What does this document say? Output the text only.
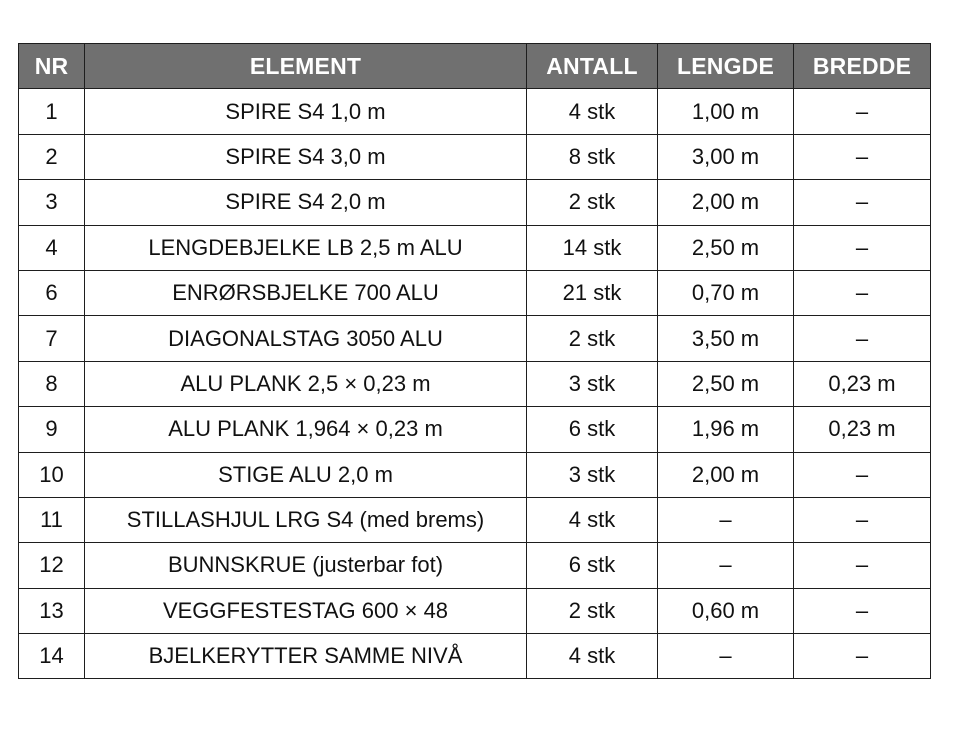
NR	ELEMENT	ANTALL	LENGDE	BREDDE
1	SPIRE S4 1,0 m	4 stk	1,00 m	–
2	SPIRE S4 3,0 m	8 stk	3,00 m	–
3	SPIRE S4 2,0 m	2 stk	2,00 m	–
4	LENGDEBJELKE LB 2,5 m ALU	14 stk	2,50 m	–
6	ENRØRSBJELKE 700 ALU	21 stk	0,70 m	–
7	DIAGONALSTAG 3050 ALU	2 stk	3,50 m	–
8	ALU PLANK 2,5 × 0,23 m	3 stk	2,50 m	0,23 m
9	ALU PLANK 1,964 × 0,23 m	6 stk	1,96 m	0,23 m
10	STIGE ALU 2,0 m	3 stk	2,00 m	–
11	STILLASHJUL LRG S4 (med brems)	4 stk	–	–
12	BUNNSKRUE (justerbar fot)	6 stk	–	–
13	VEGGFESTESTAG 600 × 48	2 stk	0,60 m	–
14	BJELKERYTTER SAMME NIVÅ	4 stk	–	–
